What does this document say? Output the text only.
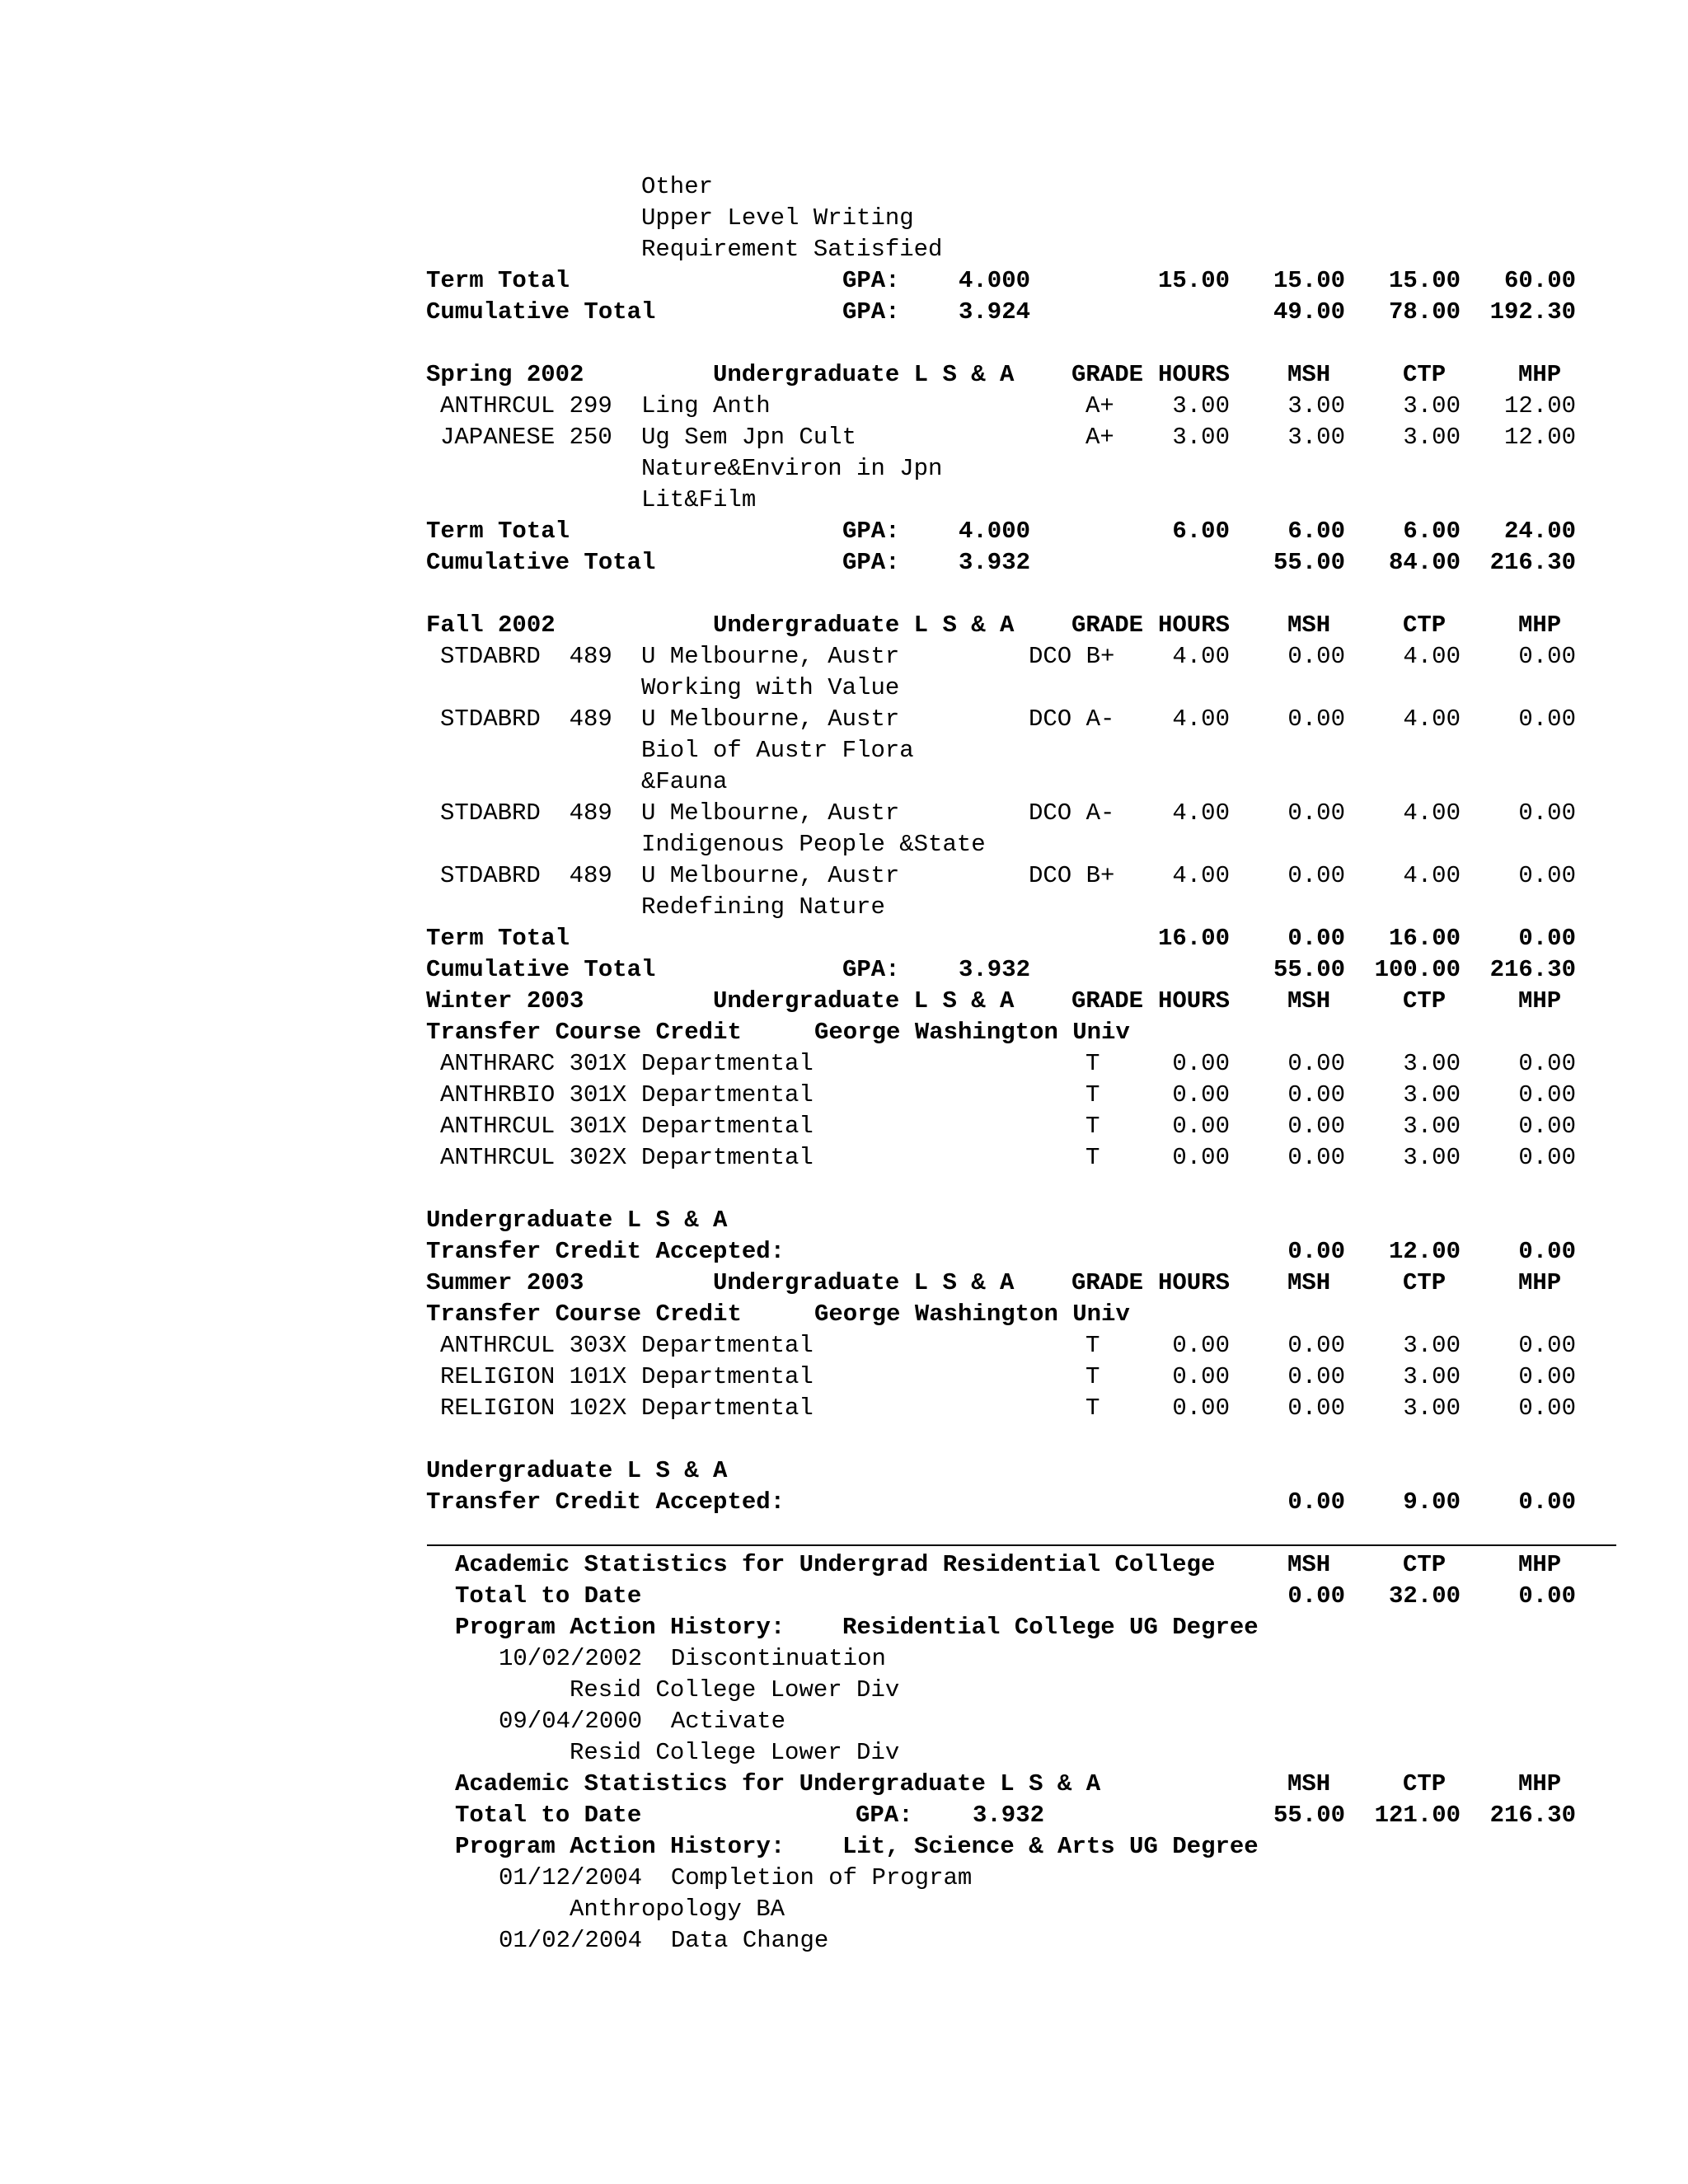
Other
Upper Level Writing
Requirement Satisfied
Term Total	GPA: 4.000	15.00 15.00 15.00 60.00
Cumulative Total	GPA: 3.924	49.00 78.00 192.30
Spring 2002	Undergraduate L S & A GRADE HOURS MSH	CTP	MHP
ANTHRCUL 299 Ling Anth	A+ 3.00 3.00 3.00 12.00
JAPANESE 250 Ug Sem Jpn Cult	A+ 3.00 3.00 3.00 12.00
Nature&Environ in Jpn
Lit&Film
Term Total	GPA: 4.000	6.00 6.00 6.00 24.00
Cumulative Total	GPA: 3.932	55.00 84.00 216.30
Fall 2002	Undergraduate L S & A GRADE HOURS MSH	CTP	MHP
STDABRD  489 U Melbourne, Austr	DCO B+ 4.00 0.00 4.00 0.00
Working with Value
STDABRD  489 U Melbourne, Austr	DCO A- 4.00 0.00 4.00 0.00
Biol of Austr Flora
&Fauna
STDABRD  489 U Melbourne, Austr	DCO A- 4.00 0.00 4.00 0.00
Indigenous People &State
STDABRD  489 U Melbourne, Austr	DCO B+ 4.00 0.00 4.00 0.00
Redefining Nature
Term Total	16.00 0.00 16.00 0.00
Cumulative Total	GPA: 3.932	55.00 100.00 216.30
Winter 2003	Undergraduate L S & A GRADE HOURS MSH	CTP	MHP
Transfer Course Credit	George Washington Univ
ANTHRARC 301X Departmental	T	0.00 0.00 3.00 0.00
ANTHRBIO 301X Departmental	T	0.00 0.00 3.00 0.00
ANTHRCUL 301X Departmental	T	0.00 0.00 3.00 0.00
ANTHRCUL 302X Departmental	T	0.00 0.00 3.00 0.00
Undergraduate L S & A
Transfer Credit Accepted:	0.00 12.00 0.00
Summer 2003	Undergraduate L S & A GRADE HOURS MSH	CTP	MHP
Transfer Course Credit	George Washington Univ
ANTHRCUL 303X Departmental	T	0.00 0.00 3.00 0.00
RELIGION 101X Departmental	T	0.00 0.00 3.00 0.00
RELIGION 102X Departmental	T	0.00 0.00 3.00 0.00
Undergraduate L S & A
Transfer Credit Accepted:	0.00 9.00 0.00
Academic Statistics for Undergrad Residential College	MSH	CTP	MHP
Total to Date	0.00 32.00 0.00
Program Action History: Residential College UG Degree
10/02/2002  Discontinuation
Resid College Lower Div
09/04/2000  Activate
Resid College Lower Div
Academic Statistics for Undergraduate L S & A	MSH	CTP	MHP
Total to Date	GPA: 3.932	55.00 121.00 216.30
Program Action History: Lit, Science & Arts UG Degree
01/12/2004  Completion of Program
Anthropology BA
01/02/2004  Data Change
